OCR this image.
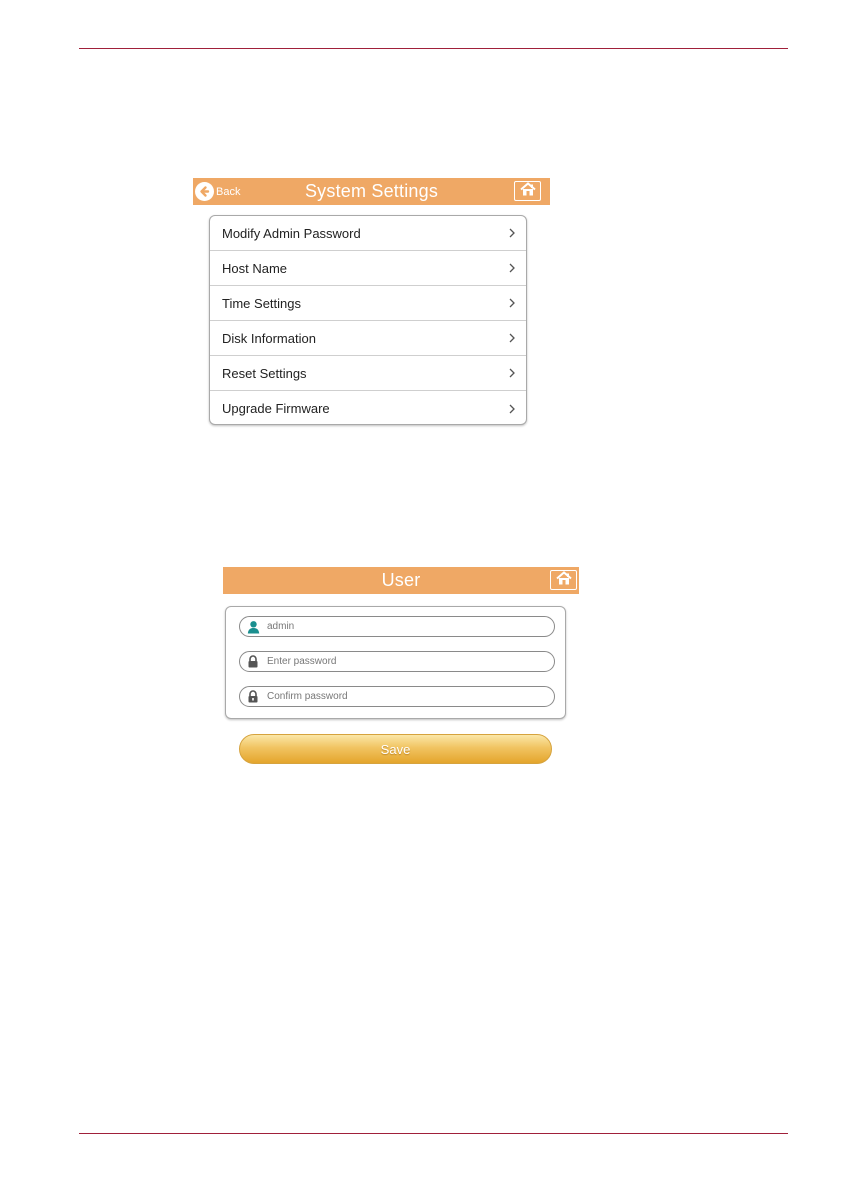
Back	System Settings
Modify Admin Password
Host Name
Time Settings
Disk Information
Reset Settings
Upgrade Firmware
User
admin
Save
